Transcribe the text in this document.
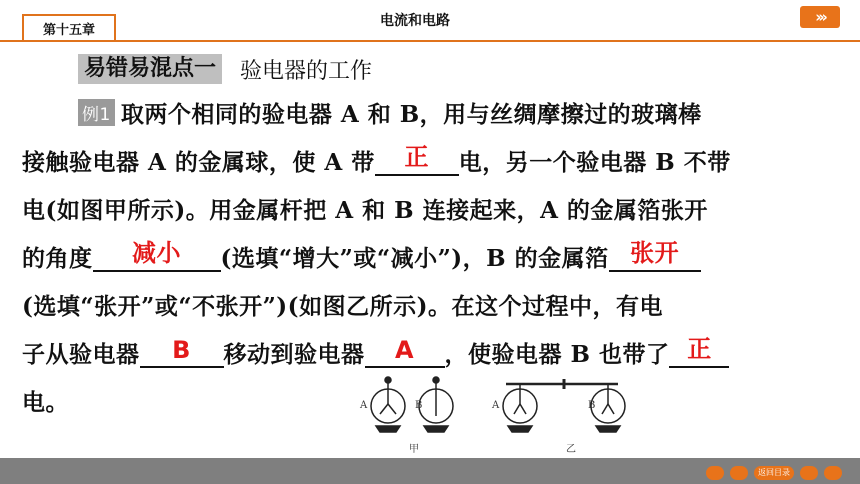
第十五章
电流和电路	›››
易错易混点一 验电器的工作
例1 取两个相同的验电器 A 和 B，用与丝绸摩擦过的玻璃棒
接触验电器 A 的金属球，使 A 带	正	电，另一个验电器 B 不带
电(如图甲所示)。用金属杆把 A 和 B 连接起来，A 的金属箔张开
的角度	减小	(选填“增大”或“减小”)，B 的金属箔 张开
(选填“张开”或“不张开”)(如图乙所示)。在这个过程中，有电
子从验电器	B	移动到验电器	A	，使验电器 B 也带了 正
电。	A	B	A	B
甲	乙
返回目录
